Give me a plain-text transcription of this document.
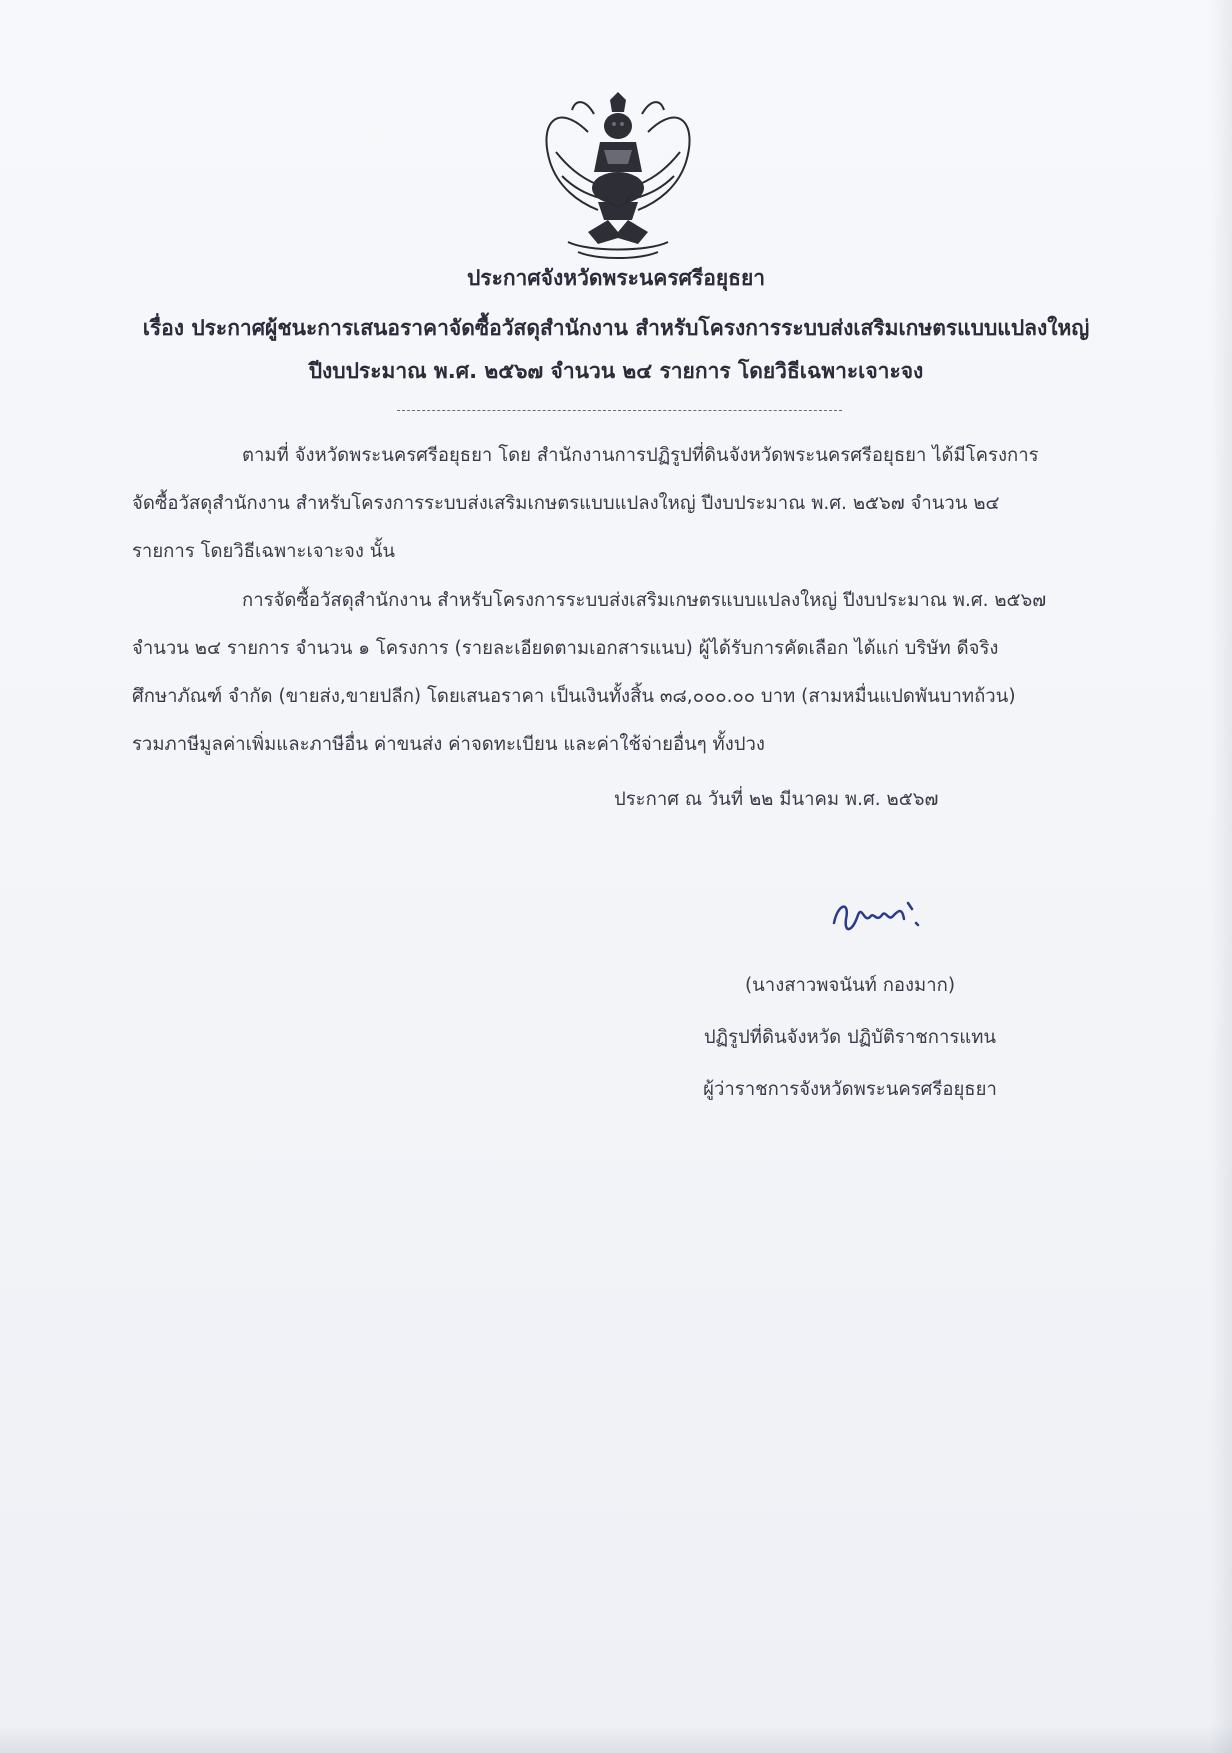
ประกาศจังหวัดพระนครศรีอยุธยา
เรื่อง ประกาศผู้ชนะการเสนอราคาจัดซื้อวัสดุสำนักงาน สำหรับโครงการระบบส่งเสริมเกษตรแบบแปลงใหญ่
ปีงบประมาณ พ.ศ. ๒๕๖๗ จำนวน ๒๔ รายการ โดยวิธีเฉพาะเจาะจง
ตามที่ จังหวัดพระนครศรีอยุธยา โดย สำนักงานการปฏิรูปที่ดินจังหวัดพระนครศรีอยุธยา ได้มีโครงการ
จัดซื้อวัสดุสำนักงาน สำหรับโครงการระบบส่งเสริมเกษตรแบบแปลงใหญ่ ปีงบประมาณ พ.ศ. ๒๕๖๗ จำนวน ๒๔
รายการ โดยวิธีเฉพาะเจาะจง นั้น
การจัดซื้อวัสดุสำนักงาน สำหรับโครงการระบบส่งเสริมเกษตรแบบแปลงใหญ่ ปีงบประมาณ พ.ศ. ๒๕๖๗
จำนวน ๒๔ รายการ จำนวน ๑ โครงการ (รายละเอียดตามเอกสารแนบ) ผู้ได้รับการคัดเลือก ได้แก่ บริษัท ดีจริง
ศึกษาภัณฑ์ จำกัด (ขายส่ง,ขายปลีก) โดยเสนอราคา เป็นเงินทั้งสิ้น ๓๘,๐๐๐.๐๐ บาท (สามหมื่นแปดพันบาทถ้วน)
รวมภาษีมูลค่าเพิ่มและภาษีอื่น ค่าขนส่ง ค่าจดทะเบียน และค่าใช้จ่ายอื่นๆ ทั้งปวง

ประกาศ ณ วันที่ ๒๒ มีนาคม พ.ศ. ๒๕๖๗

(นางสาวพจนันท์ กองมาก)
ปฏิรูปที่ดินจังหวัด ปฏิบัติราชการแทน
ผู้ว่าราชการจังหวัดพระนครศรีอยุธยา
